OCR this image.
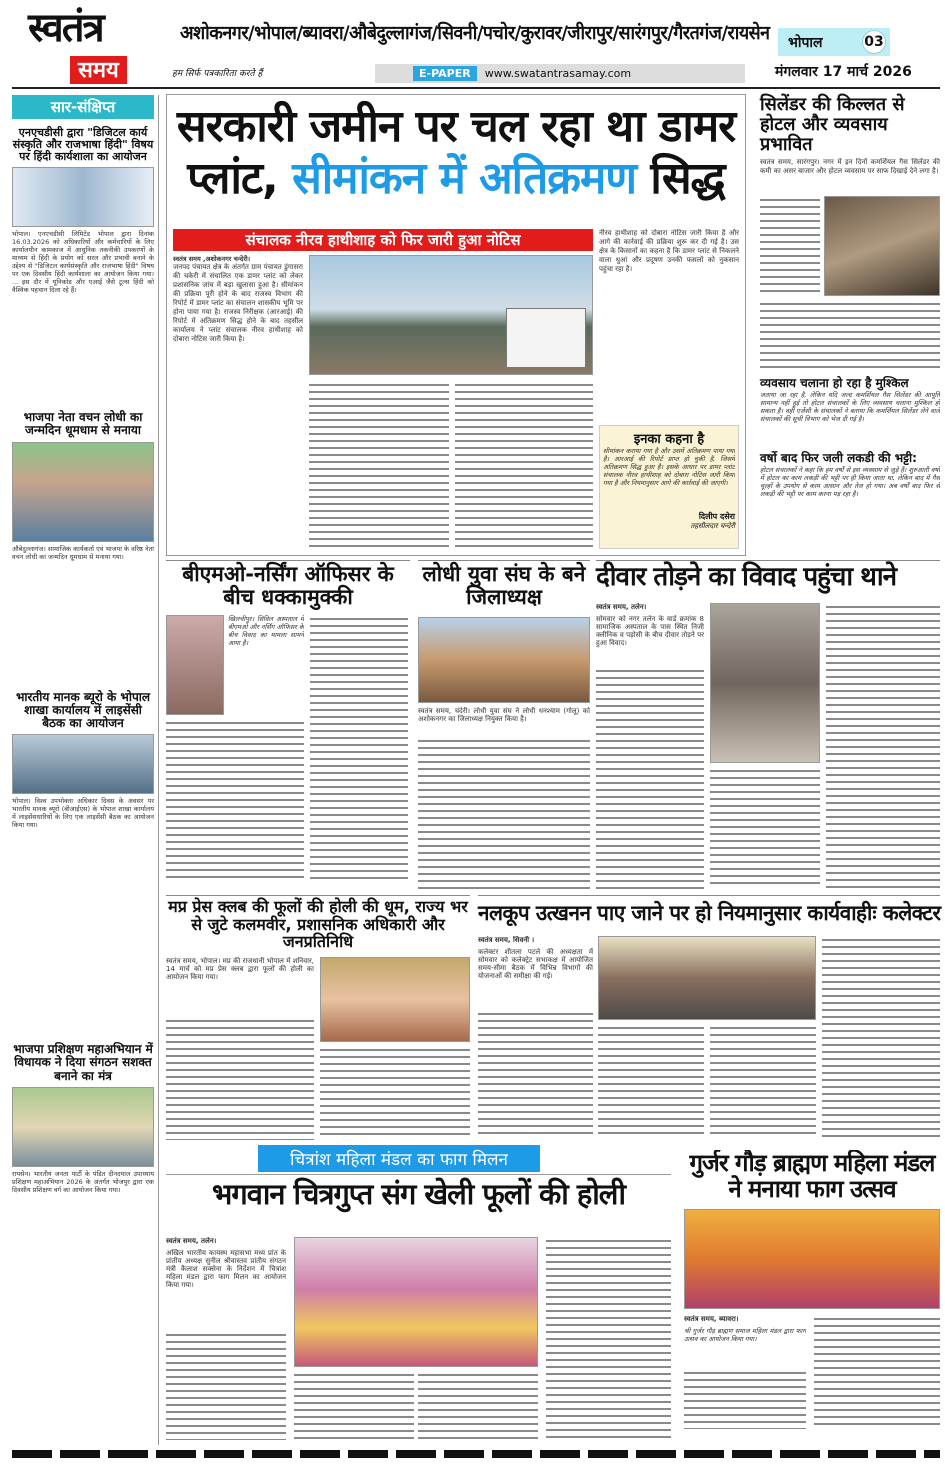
स्वतंत्र
समय
अशोकनगर/भोपाल/ब्यावरा/औबेदुल्लागंज/सिवनी/पचोर/कुरावर/जीरापुर/सारंगपुर/गैरतगंज/रायसेन भोपाल	03
हम सिर्फ पत्रकारिता करते हैं	E-PAPER	www.swatantrasamay.com	मंगलवार 17 मार्च 2026
सार-संक्षिप्त
एनएचडीसी द्वारा "डिजिटल कार्य संस्कृति और राजभाषा हिंदी" विषय पर हिंदी कार्यशाला का आयोजन
भोपाल। एनएचडीसी लिमिटेड भोपाल द्वारा दिनांक 16.03.2026 को अधिकारियों और कर्मचारियों के लिए कार्यालयीन कामकाज में आधुनिक तकनीकी उपकरणों के माध्यम से हिंदी के प्रयोग को सरल और प्रभावी बनाने के उद्देश्य से "डिजिटल कार्यसंस्कृति और राजभाषा हिंदी" विषय पर एक दिवसीय हिंदी कार्यशाला का आयोजन किया गया। ... इस दौर में यूनिकोड और एआई जैसे टूल्स हिंदी को वैश्विक पहचान दिला रहे हैं।
भाजपा नेता वचन लोधी का जन्मदिन धूमधाम से मनाया
औबेदुल्लागंज। सामाजिक कार्यकर्ता एवं भाजपा के वरिष्ठ नेता वचन लोधी का जन्मदिन धूमधाम से मनाया गया।
भारतीय मानक ब्यूरो के भोपाल शाखा कार्यालय में लाइसेंसी बैठक का आयोजन
भोपाल। विश्व उपभोक्ता अधिकार दिवस के अवसर पर भारतीय मानक ब्यूरो (बीआईएस) के भोपाल शाखा कार्यालय में लाइसेंसधारियों के लिए एक लाइसेंसी बैठक का आयोजन किया गया।
भाजपा प्रशिक्षण महाअभियान में विधायक ने दिया संगठन सशक्त बनाने का मंत्र
रायसेन। भारतीय जनता पार्टी के पंडित दीनदयाल उपाध्याय प्रशिक्षण महाअभियान 2026 के अंतर्गत भोजपुर द्वारा एक दिवसीय प्रशिक्षण वर्ग का आयोजन किया गया।
सरकारी जमीन पर चल रहा था डामर
प्लांट, सीमांकन में अतिक्रमण सिद्ध
संचालक नीरव हाथीशाह को फिर जारी हुआ नोटिस
स्वतंत्र समय ,अशोकनगर चन्देरी।
जनपद पंचायत क्षेत्र के अंतर्गत ग्राम पंचायत डुंगासरा की चकेरी में संचालित एक डामर प्लांट को लेकर प्रशासनिक जांच में बड़ा खुलासा हुआ है। सीमांकन की प्रक्रिया पूरी होने के बाद राजस्व विभाग की रिपोर्ट में डामर प्लांट का संचालन शासकीय भूमि पर होना पाया गया है। राजस्व निरीक्षक (आरआई) की रिपोर्ट में अतिक्रमण सिद्ध होने के बाद तहसील कार्यालय ने प्लांट संचालक नीरव हाथीशाह को दोबारा नोटिस जारी किया है।
नीरव हाथीशाह को दोबारा नोटिस जारी किया है और आगे की कार्रवाई की प्रक्रिया शुरू कर दी गई है। उस क्षेत्र के किसानों का कहना है कि डामर प्लांट से निकलने वाला धुआं और प्रदूषण उनकी फसलों को नुकसान पहुंचा रहा है।
इनका कहना है
सीमांकन कराया गया है और उसमें अतिक्रमण पाया गया है। आरआई की रिपोर्ट प्राप्त हो चुकी है, जिसमें अतिक्रमण सिद्ध हुआ है। इसके आधार पर डामर प्लांट संचालक नीरव हाथीशाह को दोबारा नोटिस जारी किया गया है और नियमानुसार आगे की कार्रवाई की जाएगी।
दिलीप दसेरा
तहसीलदार चन्देरी
सिलेंडर की किल्लत से होटल और व्यवसाय प्रभावित
स्वतंत्र समय, सारंगपुर। नगर में इन दिनों कमर्शियल गैस सिलेंडर की कमी का असर बाजार और होटल व्यवसाय पर साफ दिखाई देने लगा है।
व्यवसाय चलाना हो रहा है मुश्किल
जताया जा रहा है, लेकिन यदि जल्द कमर्शियल गैस सिलेंडर की आपूर्ति सामान्य नहीं हुई तो होटल संचालकों के लिए व्यवसाय चलाना मुश्किल हो सकता है। वहीं एजेंसी के संचालकों ने बताया कि कमर्शियल सिलेंडर लेने वाले संचालकों की सूची विभाग को भेज दी गई है।
वर्षो बाद फिर जली लकडी की भट्टी:
होटल संचालकों ने कहा कि हम वर्षों से इस व्यवसाय से जुड़े हैं। शुरुआती वर्षों में होटल का काम लकड़ी की भट्टी पर ही किया जाता था, लेकिन बाद में गैस चूल्हों के उपयोग से काम आसान और तेज हो गया। अब वर्षों बाद फिर से लकड़ी की भट्टी पर काम करना पड़ रहा है।
बीएमओ-नर्सिंग ऑफिसर के बीच धक्कामुक्की
खिलचीपुर। सिविल अस्पताल में बीएमओ और नर्सिंग ऑफिसर के बीच विवाद का मामला सामने आया है।
लोधी युवा संघ के बने जिलाध्यक्ष
स्वतंत्र समय, चंदेरी। लोधी युवा संघ ने लोधी धनश्याम (गोलू) को अशोकनगर का जिलाध्यक्ष नियुक्त किया है।
दीवार तोड़ने का विवाद पहुंचा थाने
स्वतंत्र समय, तलेन।
सोमवार को नगर तलेन के वार्ड क्रमांक 8 सामाजिक अस्पताल के पास स्थित निजी क्लीनिक व पड़ोसी के बीच दीवार तोड़ने पर हुआ विवाद।
मप्र प्रेस क्लब की फूलों की होली की धूम, राज्य भर से जुटे कलमवीर, प्रशासनिक अधिकारी और जनप्रतिनिधि
स्वतंत्र समय, भोपाल। मप्र की राजधानी भोपाल में शनिवार, 14 मार्च को मप्र प्रेस क्लब द्वारा फूलों की होली का आयोजन किया गया।
नलकूप उत्खनन पाए जाने पर हो नियमानुसार कार्यवाहीः कलेक्टर
स्वतंत्र समय, सिवनी ।
कलेक्टर शीतला पटले की अध्यक्षता में सोमवार को कलेक्ट्रेट सभाकक्ष में आयोजित समय-सीमा बैठक में विभिन्न विभागों की योजनाओं की समीक्षा की गई।
चित्रांश महिला मंडल का फाग मिलन
भगवान चित्रगुप्त संग खेली फूलों की होली
स्वतंत्र समय, तलेन।
अखिल भारतीय कायस्थ महासभा मध्य प्रांत के प्रांतीय अध्यक्ष सुनील श्रीवास्तव प्रांतीय संगठन मंत्री कैलाश सक्सेना के निर्देशन में चित्रांश महिला मंडल द्वारा फाग मिलन का आयोजन किया गया।
गुर्जर गौड़ ब्राह्मण महिला मंडल ने मनाया फाग उत्सव
स्वतंत्र समय, ब्यावरा।
श्री गुर्जर गौड़ ब्राह्मण समाज महिला मंडल द्वारा फाग उत्सव का आयोजन किया गया।
